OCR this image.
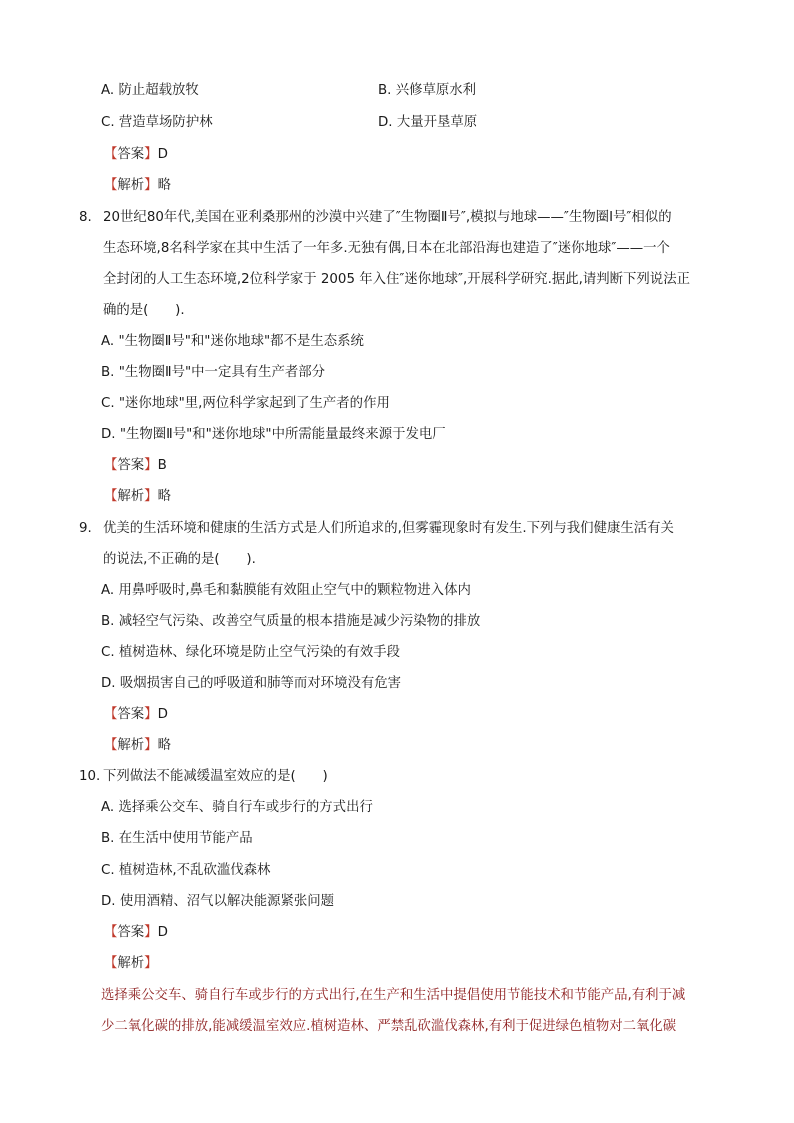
A. 防止超载放牧	B. 兴修草原水利
C. 营造草场防护林	D. 大量开垦草原
【答案】D
【解析】略
8. 20世纪80年代,美国在亚利桑那州的沙漠中兴建了″生物圈Ⅱ号″,模拟与地球——″生物圈Ⅰ号″相似的
生态环境,8名科学家在其中生活了一年多.无独有偶,日本在北部沿海也建造了″迷你地球″——一个
全封闭的人工生态环境,2位科学家于 2005 年入住″迷你地球″,开展科学研究.据此,请判断下列说法正
确的是(　　).
A. "生物圈Ⅱ号"和"迷你地球"都不是生态系统
B. "生物圈Ⅱ号"中一定具有生产者部分
C. "迷你地球"里,两位科学家起到了生产者的作用
D. "生物圈Ⅱ号"和"迷你地球"中所需能量最终来源于发电厂
【答案】B
【解析】略
9. 优美的生活环境和健康的生活方式是人们所追求的,但雾霾现象时有发生.下列与我们健康生活有关
的说法,不正确的是(　　).
A. 用鼻呼吸时,鼻毛和黏膜能有效阻止空气中的颗粒物进入体内
B. 减轻空气污染、改善空气质量的根本措施是减少污染物的排放
C. 植树造林、绿化环境是防止空气污染的有效手段
D. 吸烟损害自己的呼吸道和肺等而对环境没有危害
【答案】D
【解析】略
10. 下列做法不能减缓温室效应的是(　　)
A. 选择乘公交车、骑自行车或步行的方式出行
B. 在生活中使用节能产品
C. 植树造林,不乱砍滥伐森林
D. 使用酒精、沼气以解决能源紧张问题
【答案】D
【解析】
选择乘公交车、骑自行车或步行的方式出行,在生产和生活中提倡使用节能技术和节能产品,有利于减
少二氧化碳的排放,能减缓温室效应.植树造林、严禁乱砍滥伐森林,有利于促进绿色植物对二氧化碳
